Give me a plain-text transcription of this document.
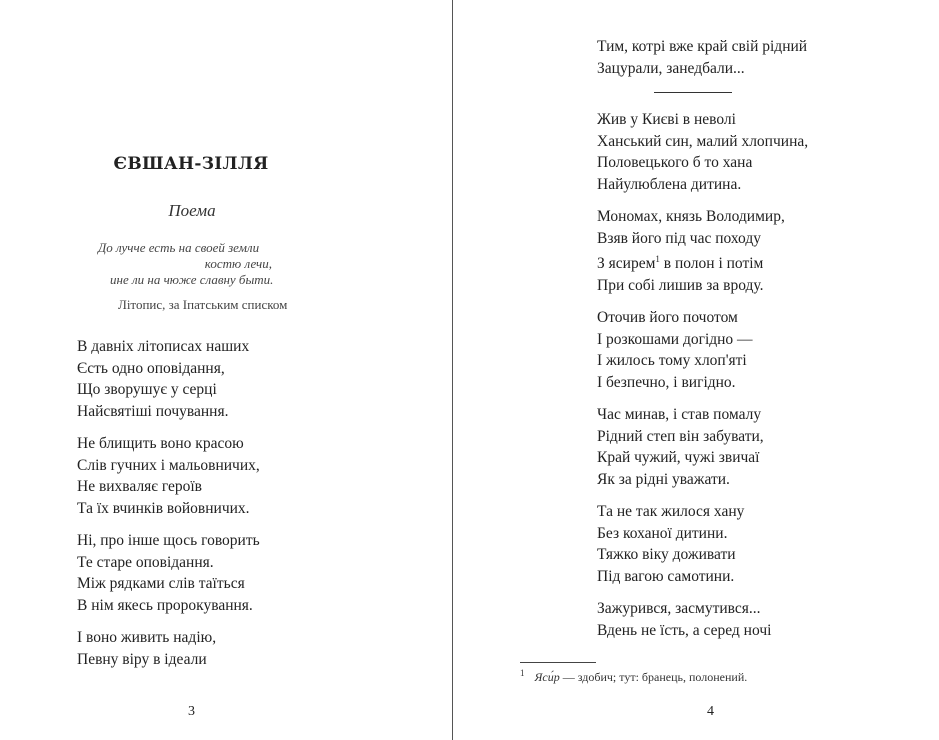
ЄВШАН-ЗІЛЛЯ
Поема
До лучче есть на своей земли
костю лечи,
ине ли на чюже славну быти.
Літопис, за Іпатським списком
В давніх літописах наших
Єсть одно оповідання,
Що зворушує у серці
Найсвятіші почування.
Не блищить воно красою
Слів гучних і мальовничих,
Не вихваляє героїв
Та їх вчинків войовничих.
Ні, про інше щось говорить
Те старе оповідання.
Між рядками слів таїться
В нім якесь пророкування.
І воно живить надію,
Певну віру в ідеали
3
Тим, котрі вже край свій рідний
Зацурали, занедбали...
Жив у Києві в неволі
Ханський син, малий хлопчина,
Половецького б то хана
Найулюблена дитина.
Мономах, князь Володимир,
Взяв його під час походу
З ясирем$^1$ в полон і потім
При собі лишив за вроду.
Оточив його почотом
І розкошами догідно —
І жилось тому хлоп'яті
І безпечно, і вигідно.
Час минав, і став помалу
Рідний степ він забувати,
Край чужий, чужі звичаї
Як за рідні уважати.
Та не так жилося хану
Без коханої дитини.
Тяжко віку доживати
Під вагою самотини.
Зажурився, засмутився...
Вдень не їсть, а серед ночі
$^1$ Яси́р — здобич; тут: бранець, полонений.
4
